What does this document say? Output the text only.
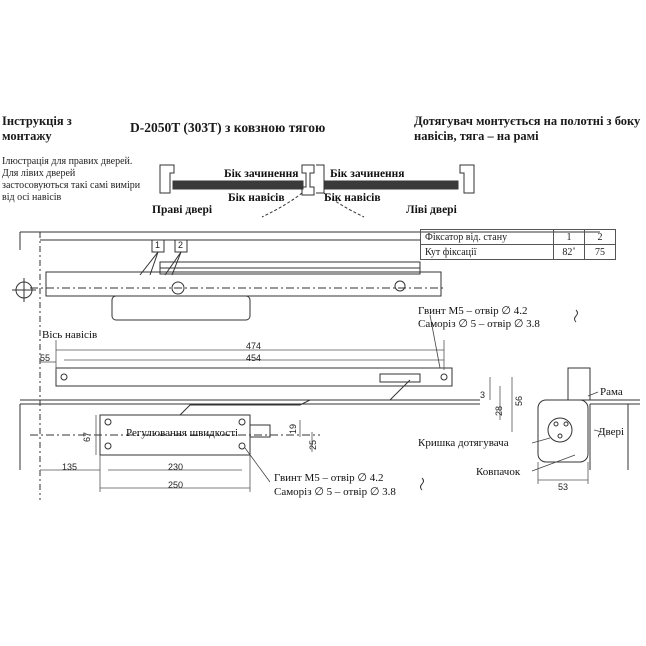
Інструкція з монтажу
D-2050T (303T) з ковзною тягою	Дотягувач монтується на полотні з боку навісів, тяга – на рамі
Ілюстрація для правих дверей. Для лівих дверей застосовуються такі самі виміри від осі навісів
Бік зачинення	Бік зачинення
Бік навісів	Бік навісів
Праві двері	Ліві двері
1 2
Фіксатор від. стану	1	2
Кут фіксації	82˚	75
Гвинт М5 – отвір ∅ 4.2
Саморіз ∅ 5 – отвір ∅ 3.8
Гвинт М5 – отвір ∅ 4.2
Саморіз ∅ 5 – отвір ∅ 3.8
Вісь навісів
Регулювання швидкості
Рама
Двері
Кришка дотягувача
Ковпачок
55
474
454
3
28
56
67
19
25
135	230
250	53
